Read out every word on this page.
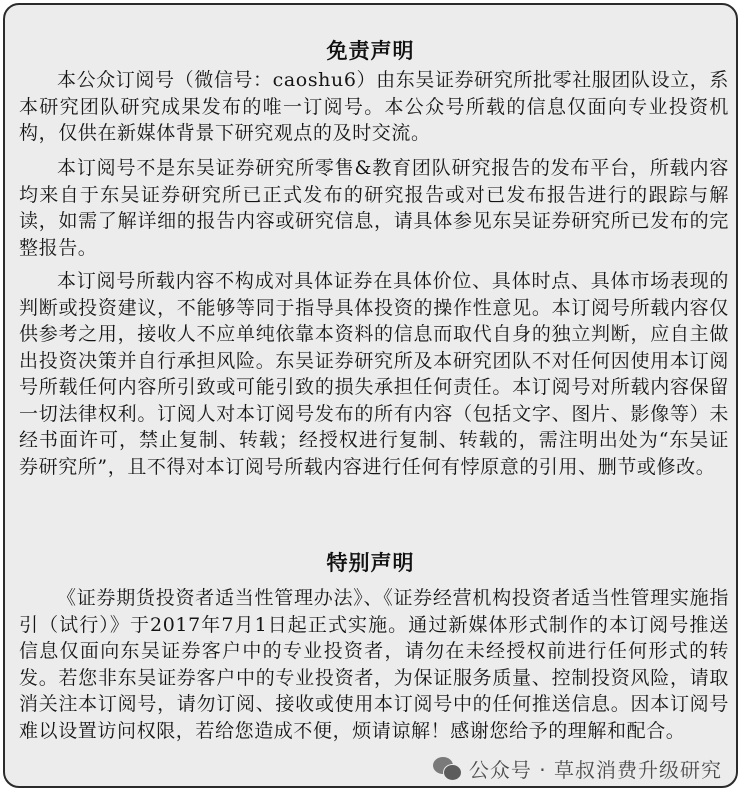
免责声明

本公众订阅号（微信号：caoshu6）由东吴证券研究所批零社服团队设立，系本研究团队研究成果发布的唯一订阅号。本公众号所载的信息仅面向专业投资机构，仅供在新媒体背景下研究观点的及时交流。

本订阅号不是东吴证券研究所零售&教育团队研究报告的发布平台，所载内容均来自于东吴证券研究所已正式发布的研究报告或对已发布报告进行的跟踪与解读，如需了解详细的报告内容或研究信息，请具体参见东吴证券研究所已发布的完整报告。

本订阅号所载内容不构成对具体证券在具体价位、具体时点、具体市场表现的判断或投资建议，不能够等同于指导具体投资的操作性意见。本订阅号所载内容仅供参考之用，接收人不应单纯依靠本资料的信息而取代自身的独立判断，应自主做出投资决策并自行承担风险。东吴证券研究所及本研究团队不对任何因使用本订阅号所载任何内容所引致或可能引致的损失承担任何责任。本订阅号对所载内容保留一切法律权利。订阅人对本订阅号发布的所有内容（包括文字、图片、影像等）未经书面许可，禁止复制、转载；经授权进行复制、转载的，需注明出处为“东吴证券研究所”，且不得对本订阅号所载内容进行任何有悖原意的引用、删节或修改。

特别声明

《证券期货投资者适当性管理办法》、《证券经营机构投资者适当性管理实施指引（试行）》于2017年7月1日起正式实施。通过新媒体形式制作的本订阅号推送信息仅面向东吴证券客户中的专业投资者，请勿在未经授权前进行任何形式的转发。若您非东吴证券客户中的专业投资者，为保证服务质量、控制投资风险，请取消关注本订阅号，请勿订阅、接收或使用本订阅号中的任何推送信息。因本订阅号难以设置访问权限，若给您造成不便，烦请谅解！感谢您给予的理解和配合。

公众号 · 草叔消费升级研究
